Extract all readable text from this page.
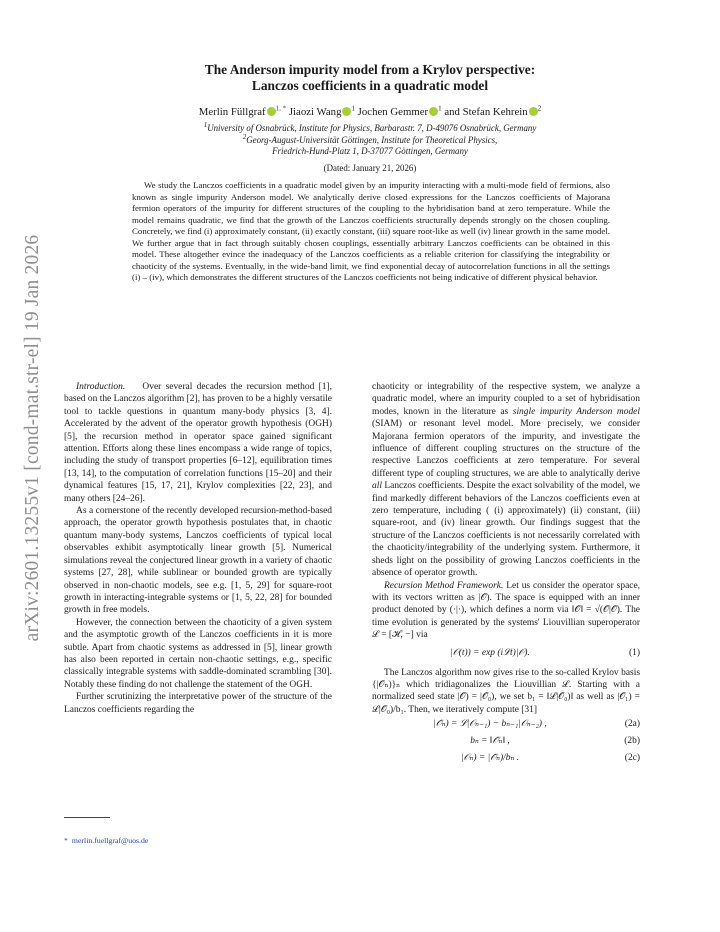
arXiv:2601.13255v1 [cond-mat.str-el] 19 Jan 2026
The Anderson impurity model from a Krylov perspective:
Lanczos coefficients in a quadratic model
Merlin Füllgraf $^{1, *}$ Jiaozi Wang $^1$ Jochen Gemmer $^1$ and Stefan Kehrein $^2$
$^1$University of Osnabrück, Institute for Physics, Barbarastr. 7, D-49076 Osnabrück, Germany
$^2$Georg-August-Universität Göttingen, Institute for Theoretical Physics,
Friedrich-Hund-Platz 1, D-37077 Göttingen, Germany
(Dated: January 21, 2026)
We study the Lanczos coefficients in a quadratic model given by an impurity interacting with a multi-mode field of fermions, also known as single impurity Anderson model. We analytically derive closed expressions for the Lanczos coefficients of Majorana fermion operators of the impurity for different structures of the coupling to the hybridisation band at zero temperature. While the model remains quadratic, we find that the growth of the Lanczos coefficients structurally depends strongly on the chosen coupling. Concretely, we find (i) approximately constant, (ii) exactly constant, (iii) square root-like as well (iv) linear growth in the same model. We further argue that in fact through suitably chosen couplings, essentially arbitrary Lanczos coefficients can be obtained in this model. These altogether evince the inadequacy of the Lanczos coefficients as a reliable criterion for classifying the integrability or chaoticity of the systems. Eventually, in the wide-band limit, we find exponential decay of autocorrelation functions in all the settings (i) – (iv), which demonstrates the different structures of the Lanczos coefficients not being indicative of different physical behavior.

Introduction. Over several decades the recursion method [1], based on the Lanczos algorithm [2], has proven to be a highly versatile tool to tackle questions in quantum many-body physics [3, 4]. Accelerated by the advent of the operator growth hypothesis (OGH) [5], the recursion method in operator space gained significant attention. Efforts along these lines encompass a wide range of topics, including the study of transport properties [6–12], equilibration times [13, 14], to the computation of correlation functions [15–20] and their dynamical features [15, 17, 21], Krylov complexities [22, 23], and many others [24–26].

As a cornerstone of the recently developed recursion-method-based approach, the operator growth hypothesis postulates that, in chaotic quantum many-body systems, Lanczos coefficients of typical local observables exhibit asymptotically linear growth [5]. Numerical simulations reveal the conjectured linear growth in a variety of chaotic systems [27, 28], while sublinear or bounded growth are typically observed in non-chaotic models, see e.g. [1, 5, 29] for square-root growth in interacting-integrable systems or [1, 5, 22, 28] for bounded growth in free models.

However, the connection between the chaoticity of a given system and the asymptotic growth of the Lanczos coefficients in it is more subtle. Apart from chaotic systems as addressed in [5], linear growth has also been reported in certain non-chaotic settings, e.g., specific classically integrable systems with saddle-dominated scrambling [30]. Notably these finding do not challenge the statement of the OGH.

Further scrutinizing the interpretative power of the structure of the Lanczos coefficients regarding the

chaoticity or integrability of the respective system, we analyze a quadratic model, where an impurity coupled to a set of hybridisation modes, known in the literature as single impurity Anderson model (SIAM) or resonant level model. More precisely, we consider Majorana fermion operators of the impurity, and investigate the influence of different coupling structures on the structure of the respective Lanczos coefficients at zero temperature. For several different type of coupling structures, we are able to analytically derive all Lanczos coefficients. Despite the exact solvability of the model, we find markedly different behaviors of the Lanczos coefficients even at zero temperature, including ( (i) approximately) (ii) constant, (iii) square-root, and (iv) linear growth. Our findings suggest that the structure of the Lanczos coefficients is not necessarily correlated with the chaoticity/integrability of the underlying system. Furthermore, it sheds light on the possibility of growing Lanczos coefficients in the absence of operator growth.

Recursion Method Framework. Let us consider the operator space, with its vectors written as |𝒪). The space is equipped with an inner product denoted by (·|·), which defines a norm via ‖𝒪‖ = √(𝒪|𝒪). The time evolution is generated by the systems' Liouvillian superoperator ℒ = [ℋ, −] via

|𝒪(t)) = exp (iℒt)|𝒪).	(1)

The Lanczos algorithm now gives rise to the so-called Krylov basis {|𝒪ₙ)}ₙ which tridiagonalizes the Liouvillian ℒ. Starting with a normalized seed state |𝒪) = |𝒪₀), we set b₁ = ‖ℒ|𝒪₀)‖ as well as |𝒪₁) = ℒ|𝒪₀)/b₁. Then, we iteratively compute [31]

|𝒪̃ₙ) = ℒ|𝒪ₙ₋₁) − bₙ₋₁|𝒪ₙ₋₂) ,	(2a)
bₙ = ‖𝒪̃ₙ‖ ,	(2b)
|𝒪ₙ) = |𝒪̃ₙ)/bₙ .	(2c)
* merlin.fuellgraf@uos.de
